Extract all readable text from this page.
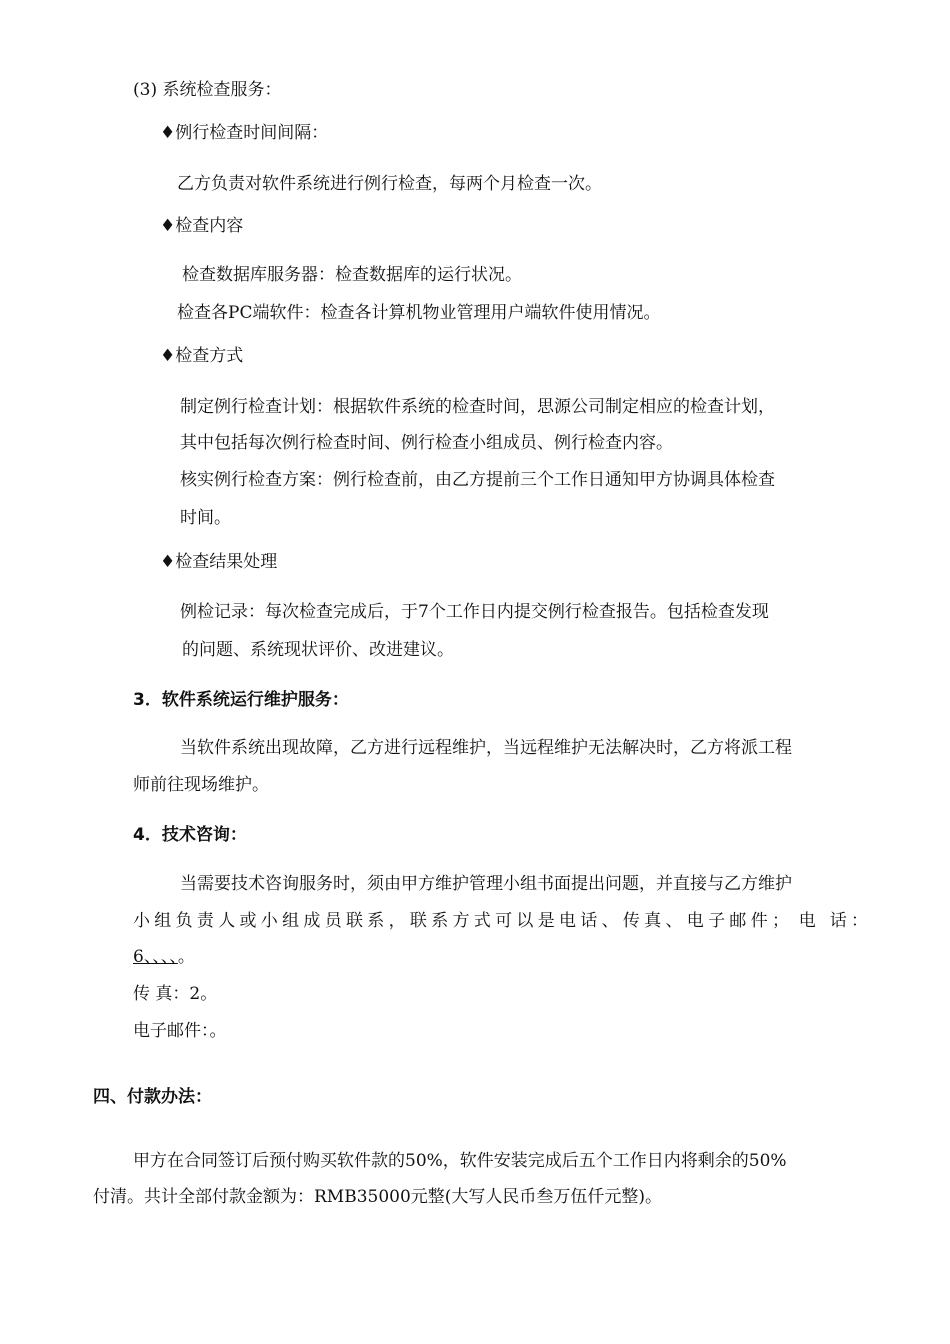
(3) 系统检查服务：
♦例行检查时间间隔：
乙方负责对软件系统进行例行检查，每两个月检查一次。
♦检查内容
检查数据库服务器：检查数据库的运行状况。
检查各PC端软件：检查各计算机物业管理用户端软件使用情况。
♦检查方式
制定例行检查计划：根据软件系统的检查时间，思源公司制定相应的检查计划，
其中包括每次例行检查时间、例行检查小组成员、例行检查内容。
核实例行检查方案：例行检查前，由乙方提前三个工作日通知甲方协调具体检查
时间。
♦检查结果处理
例检记录：每次检查完成后，于7个工作日内提交例行检查报告。包括检查发现
的问题、系统现状评价、改进建议。
3．软件系统运行维护服务：
当软件系统出现故障，乙方进行远程维护，当远程维护无法解决时，乙方将派工程
师前往现场维护。
4．技术咨询：
当需要技术咨询服务时，须由甲方维护管理小组书面提出问题，并直接与乙方维护
小组负责人或小组成员联系，联系方式可以是电话、传真、电子邮件； 电 话：
6、、、、。
传 真：2。
电子邮件：。
四、付款办法：
甲方在合同签订后预付购买软件款的50%，软件安装完成后五个工作日内将剩余的50%
付清。共计全部付款金额为：RMB35000元整(大写人民币叁万伍仟元整)。
